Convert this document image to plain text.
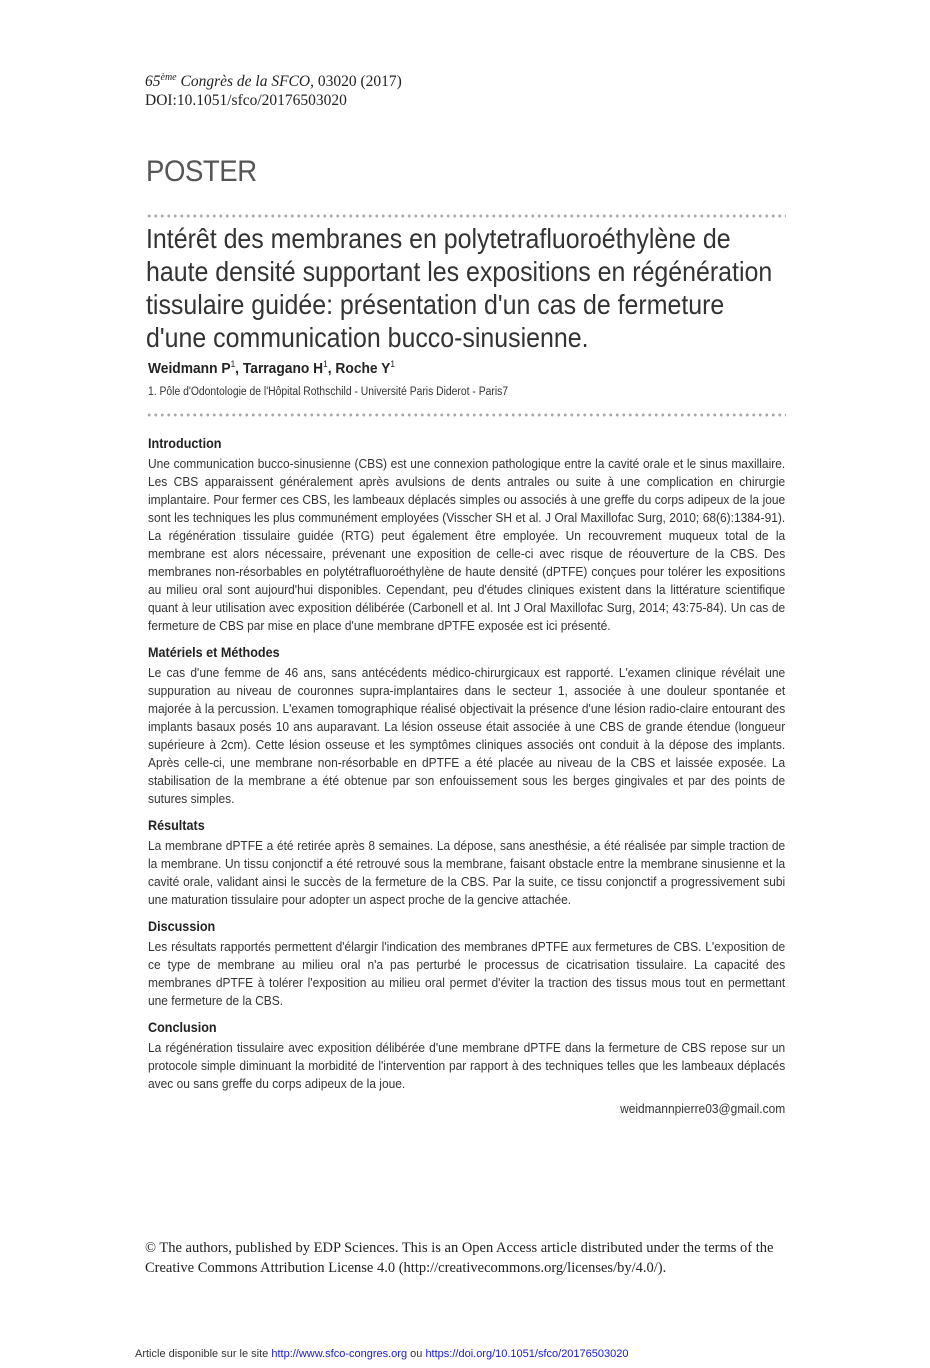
65ème Congrès de la SFCO, 03020 (2017)
DOI:10.1051/sfco/20176503020
POSTER
Intérêt des membranes en polytetrafluoroéthylène de haute densité supportant les expositions en régénération tissulaire guidée: présentation d'un cas de fermeture d'une communication bucco-sinusienne.
Weidmann $P^1$, Tarragano $H^1$, Roche $Y^1$
1. Pôle d'Odontologie de l'Hôpital Rothschild - Université Paris Diderot - Paris7
Introduction

Une communication bucco-sinusienne (CBS) est une connexion pathologique entre la cavité orale et le sinus maxillaire. Les CBS apparaissent généralement après avulsions de dents antrales ou suite à une complication en chirurgie implantaire. Pour fermer ces CBS, les lambeaux déplacés simples ou associés à une greffe du corps adipeux de la joue sont les techniques les plus communément employées (Visscher SH et al. J Oral Maxillofac Surg, 2010; 68(6):1384-91). La régénération tissulaire guidée (RTG) peut également être employée. Un recouvrement muqueux total de la membrane est alors nécessaire, prévenant une exposition de celle-ci avec risque de réouverture de la CBS. Des membranes non-résorbables en polytétrafluoroéthylène de haute densité (dPTFE) conçues pour tolérer les expositions au milieu oral sont aujourd'hui disponibles. Cependant, peu d'études cliniques existent dans la littérature scientifique quant à leur utilisation avec exposition délibérée (Carbonell et al. Int J Oral Maxillofac Surg, 2014; 43:75-84). Un cas de fermeture de CBS par mise en place d'une membrane dPTFE exposée est ici présenté.

Matériels et Méthodes

Le cas d'une femme de 46 ans, sans antécédents médico-chirurgicaux est rapporté. L'examen clinique révélait une suppuration au niveau de couronnes supra-implantaires dans le secteur 1, associée à une douleur spontanée et majorée à la percussion. L'examen tomographique réalisé objectivait la présence d'une lésion radio-claire entourant des implants basaux posés 10 ans auparavant. La lésion osseuse était associée à une CBS de grande étendue (longueur supérieure à 2cm). Cette lésion osseuse et les symptômes cliniques associés ont conduit à la dépose des implants. Après celle-ci, une membrane non-résorbable en dPTFE a été placée au niveau de la CBS et laissée exposée. La stabilisation de la membrane a été obtenue par son enfouissement sous les berges gingivales et par des points de sutures simples.

Résultats

La membrane dPTFE a été retirée après 8 semaines. La dépose, sans anesthésie, a été réalisée par simple traction de la membrane. Un tissu conjonctif a été retrouvé sous la membrane, faisant obstacle entre la membrane sinusienne et la cavité orale, validant ainsi le succès de la fermeture de la CBS. Par la suite, ce tissu conjonctif a progressivement subi une maturation tissulaire pour adopter un aspect proche de la gencive attachée.

Discussion

Les résultats rapportés permettent d'élargir l'indication des membranes dPTFE aux fermetures de CBS. L'exposition de ce type de membrane au milieu oral n'a pas perturbé le processus de cicatrisation tissulaire. La capacité des membranes dPTFE à tolérer l'exposition au milieu oral permet d'éviter la traction des tissus mous tout en permettant une fermeture de la CBS.

Conclusion

La régénération tissulaire avec exposition délibérée d'une membrane dPTFE dans la fermeture de CBS repose sur un protocole simple diminuant la morbidité de l'intervention par rapport à des techniques telles que les lambeaux déplacés avec ou sans greffe du corps adipeux de la joue.

weidmannpierre03@gmail.com
© The authors, published by EDP Sciences. This is an Open Access article distributed under the terms of the Creative Commons Attribution License 4.0 (http://creativecommons.org/licenses/by/4.0/).
Article disponible sur le site http://www.sfco-congres.org ou https://doi.org/10.1051/sfco/20176503020
